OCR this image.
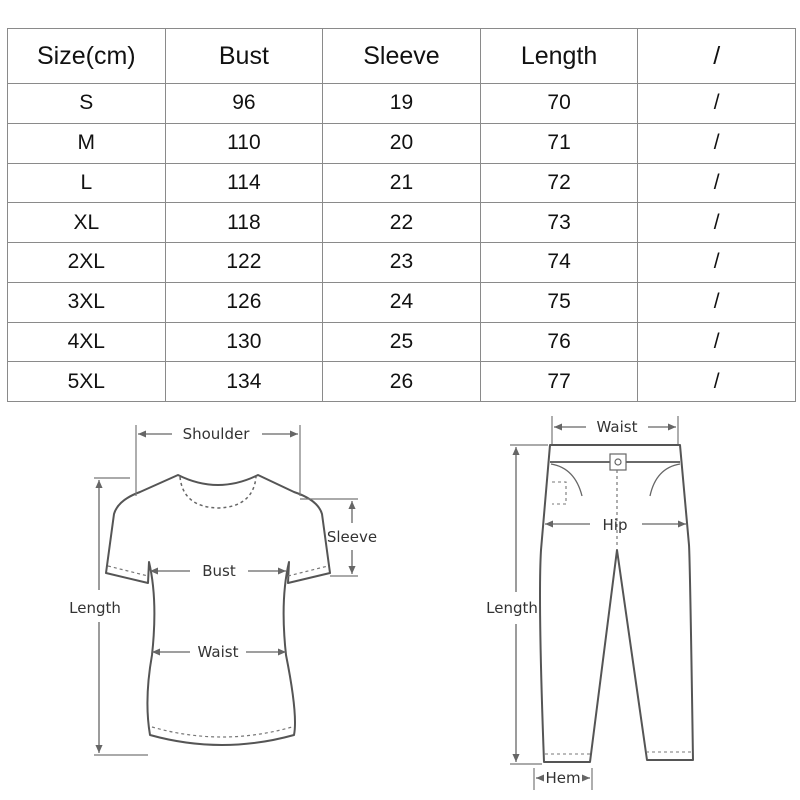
Size(cm)	Bust	Sleeve	Length	/
S	96	19	70	/
M	110	20	71	/
L	114	21	72	/
XL	118	22	73	/
2XL	122	23	74	/
3XL	126	24	75	/
4XL	130	25	76	/
5XL	134	26	77	/
Shoulder
Sleeve
Bust
Length
Waist
Waist
Hip
Length
Hem
